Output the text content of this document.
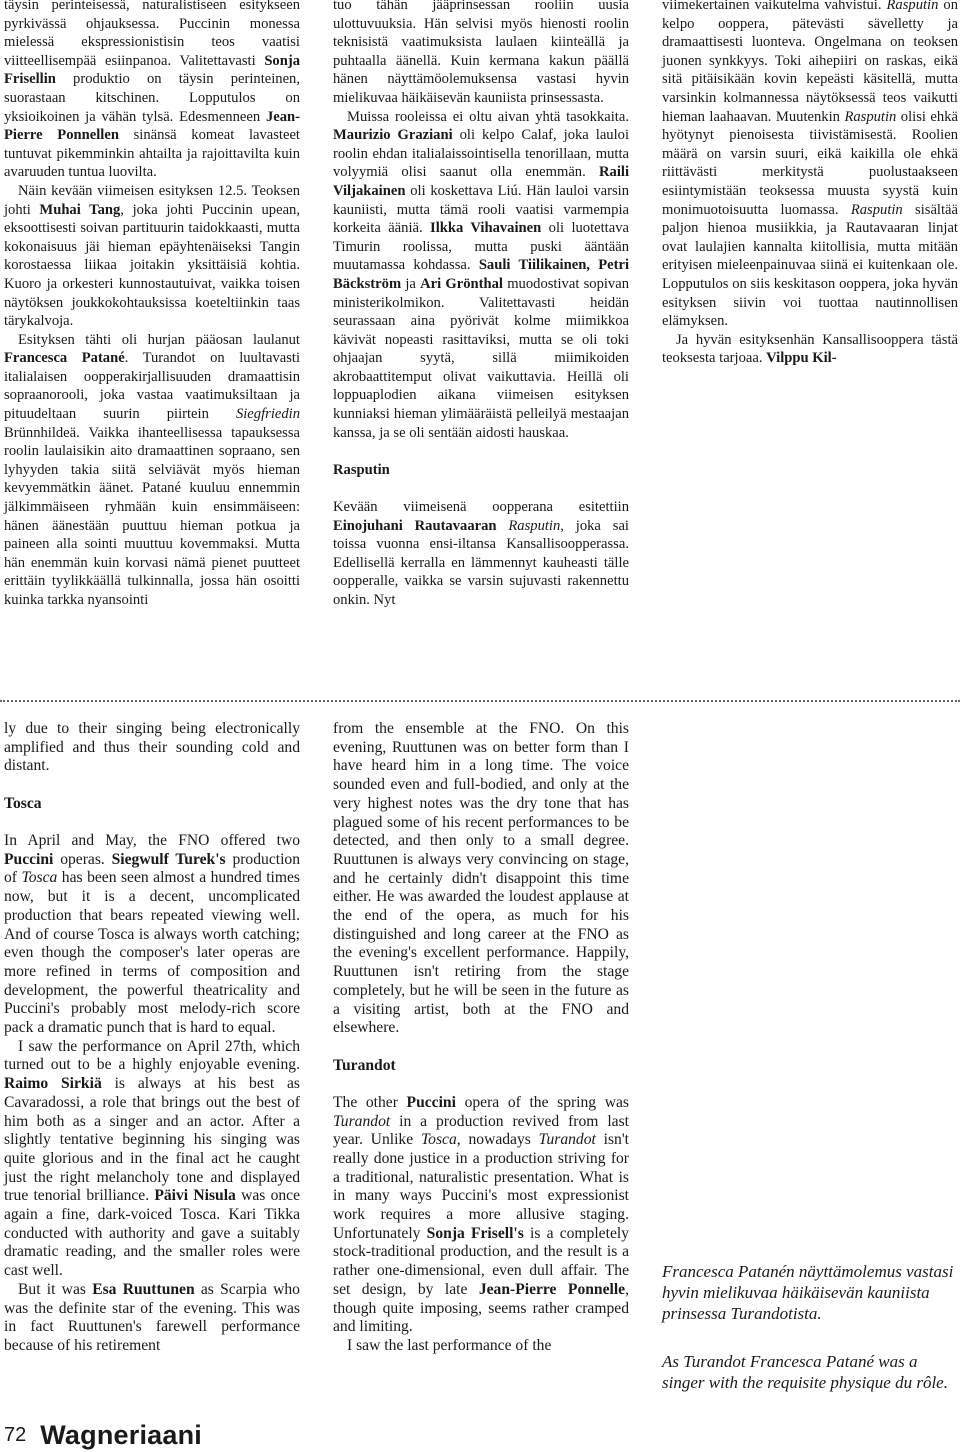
täysin perinteisessä, naturalistiseen esitykseen pyrkivässä ohjauksessa. Puccinin monessa mielessä ekspressionistisin teos vaatisi viitteellisempää esiinpanoa. Valitettavasti Sonja Frisellin produktio on täysin perinteinen, suorastaan kitschinen. Lopputulos on yksioikoinen ja vähän tylsä. Edesmenneen Jean-Pierre Ponnellen sinänsä komeat lavasteet tuntuvat pikemminkin ahtailta ja rajoittavilta kuin avaruuden tuntua luovilta.

Näin kevään viimeisen esityksen 12.5. Teoksen johti Muhai Tang, joka johti Puccinin upean, eksoottisesti soivan partituurin taidokkaasti, mutta kokonaisuus jäi hieman epäyhtenäiseksi Tangin korostaessa liikaa joitakin yksittäisiä kohtia. Kuoro ja orkesteri kunnostautuivat, vaikka toisen näytöksen joukkokohtauksissa koeteltiinkin taas tärykalvoja.

Esityksen tähti oli hurjan pääosan laulanut Francesca Patané. Turandot on luultavasti italialaisen oopperakirjallisuuden dramaattisin sopraanorooli, joka vastaa vaatimuksiltaan ja pituudeltaan suurin piirtein Siegfriedin Brünnhildeä. Vaikka ihanteellisessa tapauksessa roolin laulaisikin aito dramaattinen sopraano, sen lyhyyden takia siitä selviävät myös hieman kevyemmätkin äänet. Patané kuuluu ennemmin jälkimmäiseen ryhmään kuin ensimmäiseen: hänen äänestään puuttuu hieman potkua ja paineen alla sointi muuttuu kovemmaksi. Mutta hän enemmän kuin korvasi nämä pienet puutteet erittäin tyylikkäällä tulkinnalla, jossa hän osoitti kuinka tarkka nyansointi

tuo tähän jääprinsessan rooliin uusia ulottuvuuksia. Hän selvisi myös hienosti roolin teknisistä vaatimuksista laulaen kiinteällä ja puhtaalla äänellä. Kuin kermana kakun päällä hänen näyttämöolemuksensa vastasi hyvin mielikuvaa häikäisevän kauniista prinsessasta.

Muissa rooleissa ei oltu aivan yhtä tasokkaita. Maurizio Graziani oli kelpo Calaf, joka lauloi roolin ehdan italialaissointisella tenorillaan, mutta volyymiä olisi saanut olla enemmän. Raili Viljakainen oli koskettava Liú. Hän lauloi varsin kauniisti, mutta tämä rooli vaatisi varmempia korkeita ääniä. Ilkka Vihavainen oli luotettava Timurin roolissa, mutta puski ääntään muutamassa kohdassa. Sauli Tiilikainen, Petri Bäckström ja Ari Grönthal muodostivat sopivan ministerikolmikon. Valitettavasti heidän seurassaan aina pyörivät kolme miimikkoa kävivät nopeasti rasittaviksi, mutta se oli toki ohjaajan syytä, sillä miimikoiden akrobaattitemput olivat vaikuttavia. Heillä oli loppuaplodien aikana viimeisen esityksen kunniaksi hieman ylimääräistä pelleilyä mestaajan kanssa, ja se oli sentään aidosti hauskaa.

Rasputin

Kevään viimeisenä oopperana esitettiin Einojuhani Rautavaaran Rasputin, joka sai toissa vuonna ensi-iltansa Kansallisoopperassa. Edellisellä kerralla en lämmennyt kauheasti tälle oopperalle, vaikka se varsin sujuvasti rakennettu onkin. Nyt

viimekertainen vaikutelma vahvistui. Rasputin on kelpo ooppera, pätevästi sävelletty ja dramaattisesti luonteva. Ongelmana on teoksen juonen synkkyys. Toki aihepiiri on raskas, eikä sitä pitäisikään kovin kepeästi käsitellä, mutta varsinkin kolmannessa näytöksessä teos vaikutti hieman laahaavan. Muutenkin Rasputin olisi ehkä hyötynyt pienoisesta tiivistämisestä. Roolien määrä on varsin suuri, eikä kaikilla ole ehkä riittävästi merkitystä puolustaakseen esiintymistään teoksessa muusta syystä kuin monimuotoisuutta luomassa. Rasputin sisältää paljon hienoa musiikkia, ja Rautavaaran linjat ovat laulajien kannalta kiitollisia, mutta mitään erityisen mieleenpainuvaa siinä ei kuitenkaan ole. Lopputulos on siis keskitason ooppera, joka hyvän esityksen siivin voi tuottaa nautinnollisen elämyksen.

Ja hyvän esityksenhän Kansallisooppera tästä teoksesta tarjoaa. Vilppu Kil-

ly due to their singing being electronically amplified and thus their sounding cold and distant.

Tosca

In April and May, the FNO offered two Puccini operas. Siegwulf Turek's production of Tosca has been seen almost a hundred times now, but it is a decent, uncomplicated production that bears repeated viewing well. And of course Tosca is always worth catching; even though the composer's later operas are more refined in terms of composition and development, the powerful theatricality and Puccini's probably most melody-rich score pack a dramatic punch that is hard to equal.

I saw the performance on April 27th, which turned out to be a highly enjoyable evening. Raimo Sirkiä is always at his best as Cavaradossi, a role that brings out the best of him both as a singer and an actor. After a slightly tentative beginning his singing was quite glorious and in the final act he caught just the right melancholy tone and displayed true tenorial brilliance. Päivi Nisula was once again a fine, dark-voiced Tosca. Kari Tikka conducted with authority and gave a suitably dramatic reading, and the smaller roles were cast well.

But it was Esa Ruuttunen as Scarpia who was the definite star of the evening. This was in fact Ruuttunen's farewell performance because of his retirement

from the ensemble at the FNO. On this evening, Ruuttunen was on better form than I have heard him in a long time. The voice sounded even and full-bodied, and only at the very highest notes was the dry tone that has plagued some of his recent performances to be detected, and then only to a small degree. Ruuttunen is always very convincing on stage, and he certainly didn't disappoint this time either. He was awarded the loudest applause at the end of the opera, as much for his distinguished and long career at the FNO as the evening's excellent performance. Happily, Ruuttunen isn't retiring from the stage completely, but he will be seen in the future as a visiting artist, both at the FNO and elsewhere.

Turandot

The other Puccini opera of the spring was Turandot in a production revived from last year. Unlike Tosca, nowadays Turandot isn't really done justice in a production striving for a traditional, naturalistic presentation. What is in many ways Puccini's most expressionist work requires a more allusive staging. Unfortunately Sonja Frisell's is a completely stock-traditional production, and the result is a rather one-dimensional, even dull affair. The set design, by late Jean-Pierre Ponnelle, though quite imposing, seems rather cramped and limiting.

I saw the last performance of the

Francesca Patanén näyttämolemus vastasi hyvin mielikuvaa häikäisevän kauniista prinsessa Turandotista.
As Turandot Francesca Patané was a singer with the requisite physique du rôle.
72 Wagneriaani
